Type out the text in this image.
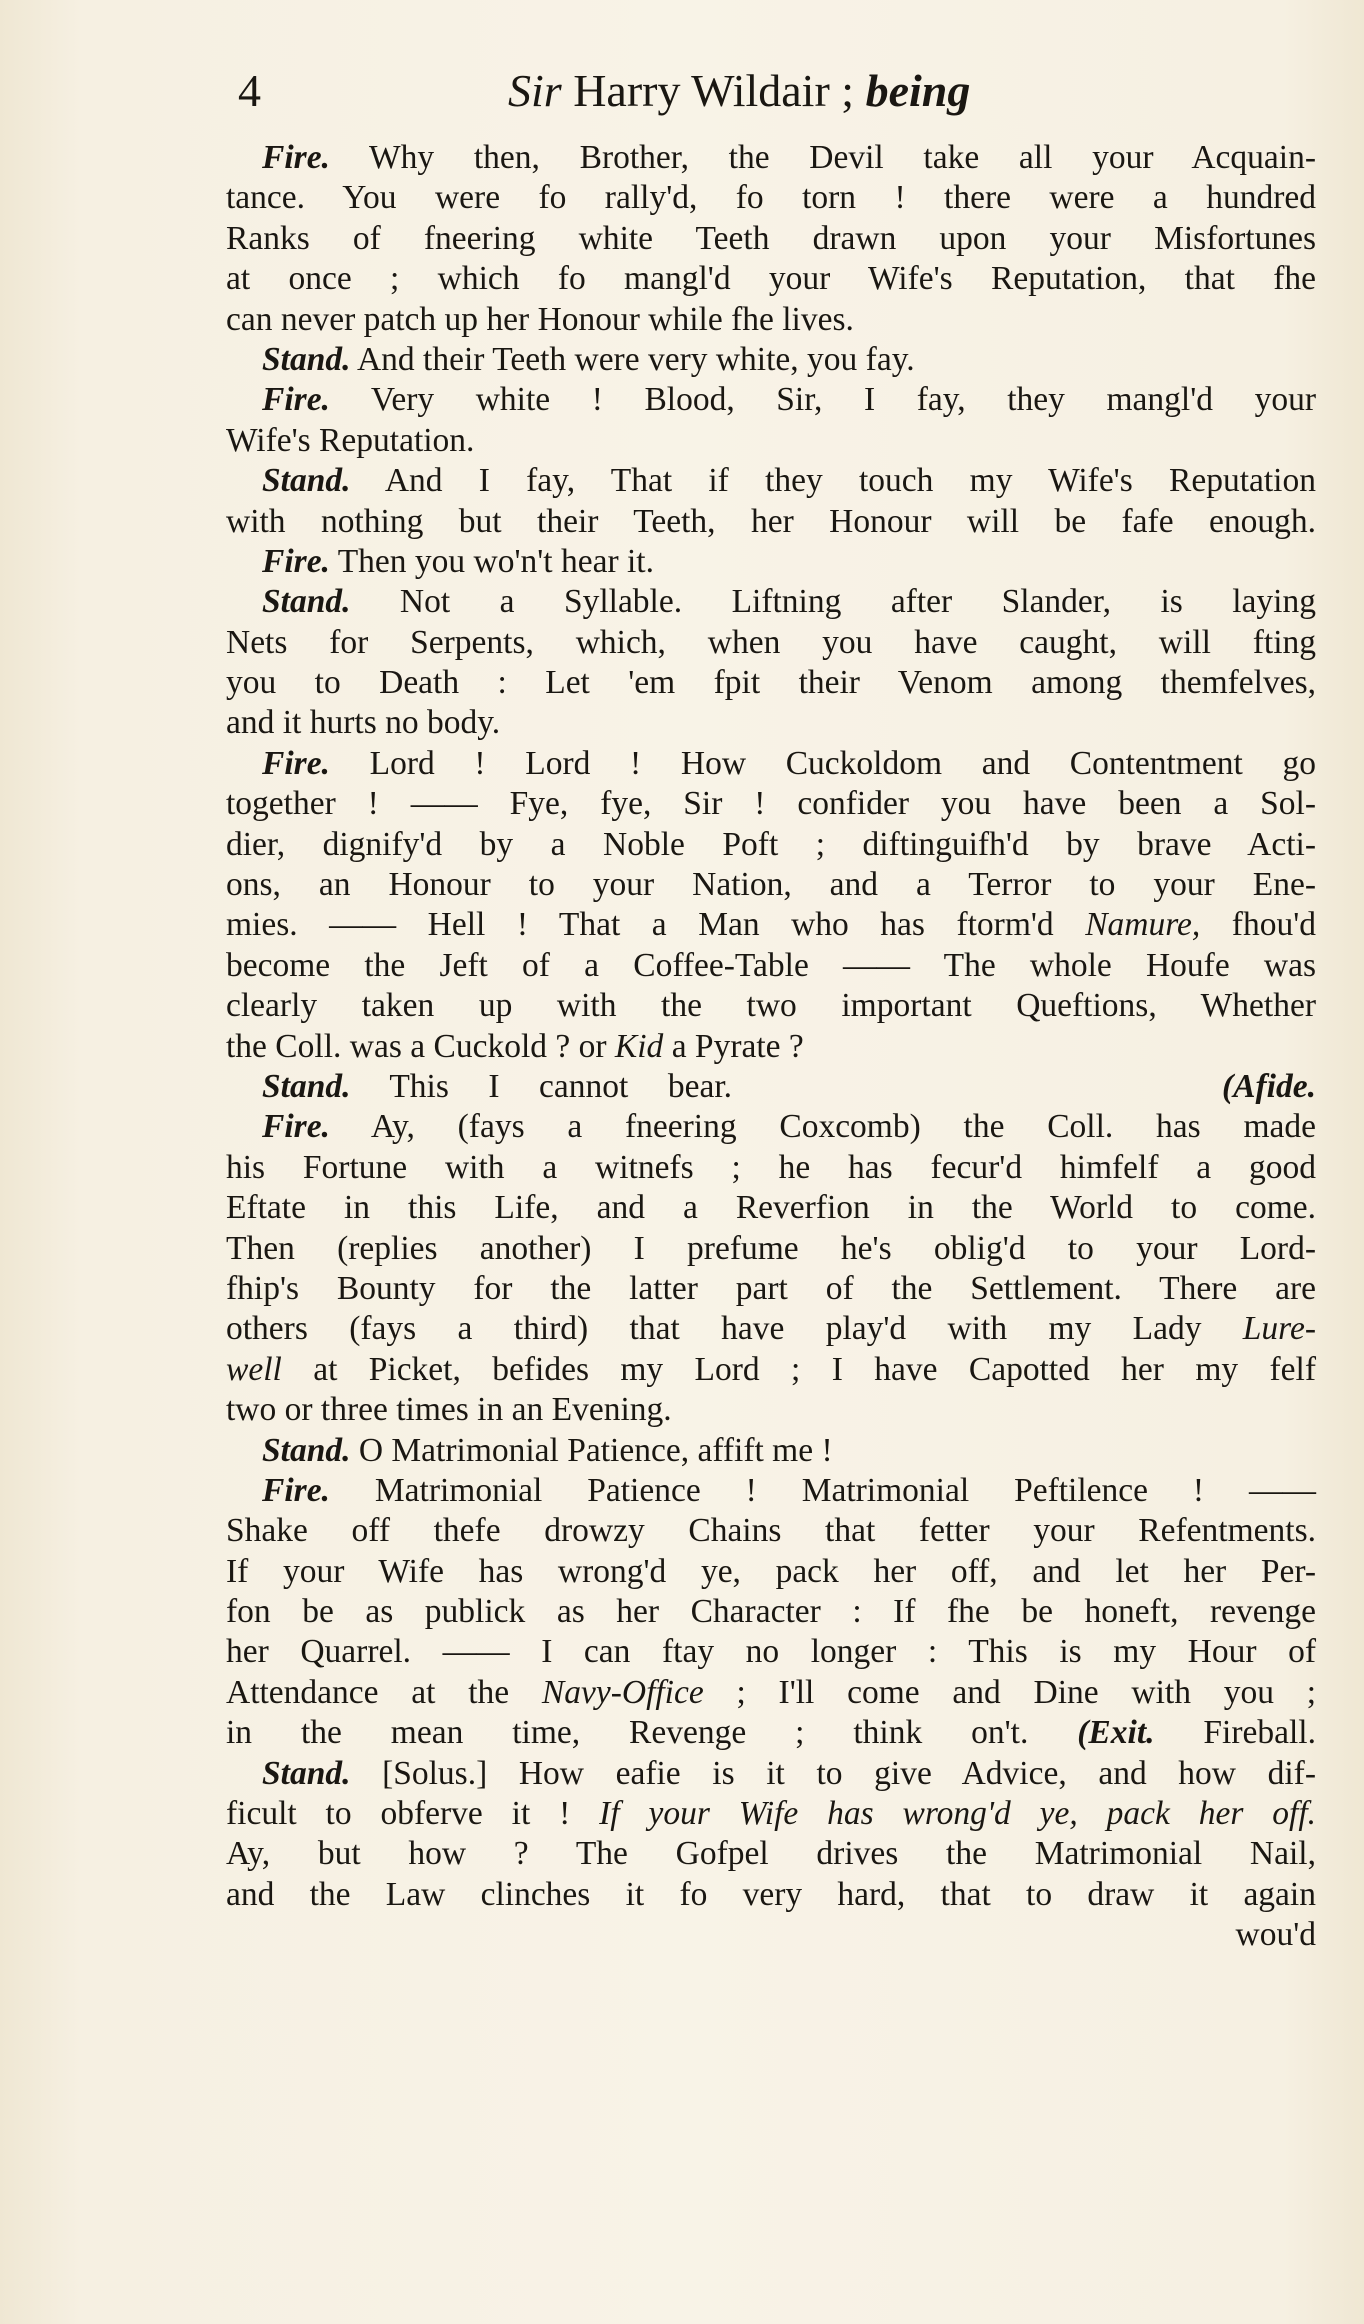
4	Sir Harry Wildair ; being
Fire. Why then, Brother, the Devil take all your Acquain-
tance. You were fo rally'd, fo torn ! there were a hundred
Ranks of fneering white Teeth drawn upon your Misfortunes
at once ; which fo mangl'd your Wife's Reputation, that fhe
can never patch up her Honour while fhe lives.
Stand. And their Teeth were very white, you fay.
Fire. Very white ! Blood, Sir, I fay, they mangl'd your
Wife's Reputation.
Stand. And I fay, That if they touch my Wife's Reputation
with nothing but their Teeth, her Honour will be fafe enough.
Fire. Then you wo'n't hear it.
Stand. Not a Syllable. Liftning after Slander, is laying
Nets for Serpents, which, when you have caught, will fting
you to Death : Let 'em fpit their Venom among themfelves,
and it hurts no body.
Fire. Lord ! Lord ! How Cuckoldom and Contentment go
together ! —— Fye, fye, Sir ! confider you have been a Sol-
dier, dignify'd by a Noble Poft ; diftinguifh'd by brave Acti-
ons, an Honour to your Nation, and a Terror to your Ene-
mies. —— Hell ! That a Man who has ftorm'd Namure, fhou'd
become the Jeft of a Coffee-Table —— The whole Houfe was
clearly taken up with the two important Queftions, Whether
the Coll. was a Cuckold ? or Kid a Pyrate ?
Stand. This I cannot bear.	(Afide.
Fire. Ay, (fays a fneering Coxcomb) the Coll. has made
his Fortune with a witnefs ; he has fecur'd himfelf a good
Eftate in this Life, and a Reverfion in the World to come.
Then (replies another) I prefume he's oblig'd to your Lord-
fhip's Bounty for the latter part of the Settlement. There are
others (fays a third) that have play'd with my Lady Lure-
well at Picket, befides my Lord ; I have Capotted her my felf
two or three times in an Evening.
Stand. O Matrimonial Patience, affift me !
Fire. Matrimonial Patience ! Matrimonial Peftilence ! ——
Shake off thefe drowzy Chains that fetter your Refentments.
If your Wife has wrong'd ye, pack her off, and let her Per-
fon be as publick as her Character : If fhe be honeft, revenge
her Quarrel. —— I can ftay no longer : This is my Hour of
Attendance at the Navy-Office ; I'll come and Dine with you ;
in the mean time, Revenge ; think on't. (Exit. Fireball.
Stand. [Solus.] How eafie is it to give Advice, and how dif-
ficult to obferve it ! If your Wife has wrong'd ye, pack her off.
Ay, but how ? The Gofpel drives the Matrimonial Nail,
and the Law clinches it fo very hard, that to draw it again
wou'd
